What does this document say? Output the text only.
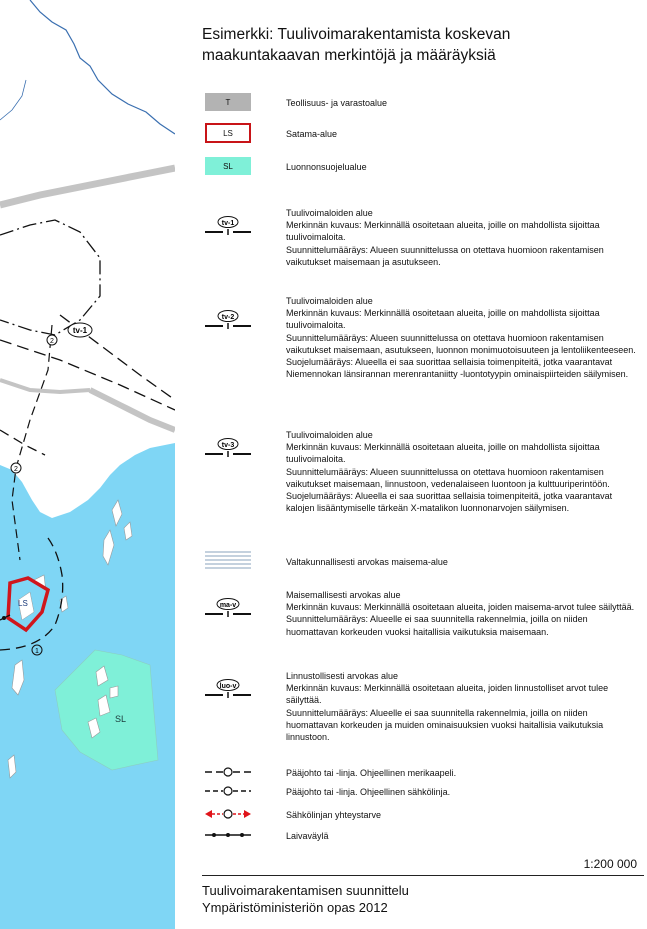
2
2
1
tv-1
LS
SL
Esimerkki: Tuulivoimarakentamista koskevan maakuntakaavan merkintöjä ja määräyksiä
T	Teollisuus- ja varastoalue
LS	Satama-alue
SL	Luonnonsuojelualue
tv-1
Tuulivoimaloiden alue
Merkinnän kuvaus: Merkinnällä osoitetaan alueita, joille on mahdollista sijoittaa tuulivoimaloita.
Suunnittelumääräys: Alueen suunnittelussa on otettava huomioon rakentamisen vaikutukset maisemaan ja asutukseen.
tv-2
Tuulivoimaloiden alue
Merkinnän kuvaus: Merkinnällä osoitetaan alueita, joille on mahdollista sijoittaa tuulivoimaloita.
Suunnittelumääräys: Alueen suunnittelussa on otettava huomioon rakentamisen vaikutukset maisemaan, asutukseen, luonnon monimuotoisuuteen ja lentoliikenteeseen.
Suojelumääräys: Alueella ei saa suorittaa sellaisia toimenpiteitä, jotka vaarantavat Niemennokan länsirannan merenrantaniitty -luontotyypin ominaispiirteiden säilymisen.
tv-3
Tuulivoimaloiden alue
Merkinnän kuvaus: Merkinnällä osoitetaan alueita, joille on mahdollista sijoittaa tuulivoimaloita.
Suunnittelumääräys: Alueen suunnittelussa on otettava huomioon rakentamisen vaikutukset maisemaan, linnustoon, vedenalaiseen luontoon ja kulttuuriperintöön.
Suojelumääräys: Alueella ei saa suorittaa sellaisia toimenpiteitä, jotka vaarantavat kalojen lisääntymiselle tärkeän X-matalikon luonnonarvojen säilymisen.
Valtakunnallisesti arvokas maisema-alue
ma-v
Maisemallisesti arvokas alue
Merkinnän kuvaus: Merkinnällä osoitetaan alueita, joiden maisema-arvot tulee säilyttää.
Suunnittelumääräys: Alueelle ei saa suunnitella rakennelmia, joilla on niiden huomattavan korkeuden vuoksi haitallisia vaikutuksia maisemaan.
luo-v
Linnustollisesti arvokas alue
Merkinnän kuvaus: Merkinnällä osoitetaan alueita, joiden linnustolliset arvot tulee säilyttää.
Suunnittelumääräys: Alueelle ei saa suunnitella rakennelmia, joilla on niiden huomattavan korkeuden ja muiden ominaisuuksien vuoksi haitallisia vaikutuksia linnustoon.
Pääjohto tai -linja. Ohjeellinen merikaapeli.
Pääjohto tai -linja. Ohjeellinen sähkölinja.
Sähkölinjan yhteystarve
Laivaväylä
1:200 000
Tuulivoimarakentamisen suunnittelu
Ympäristöministeriön opas 2012
